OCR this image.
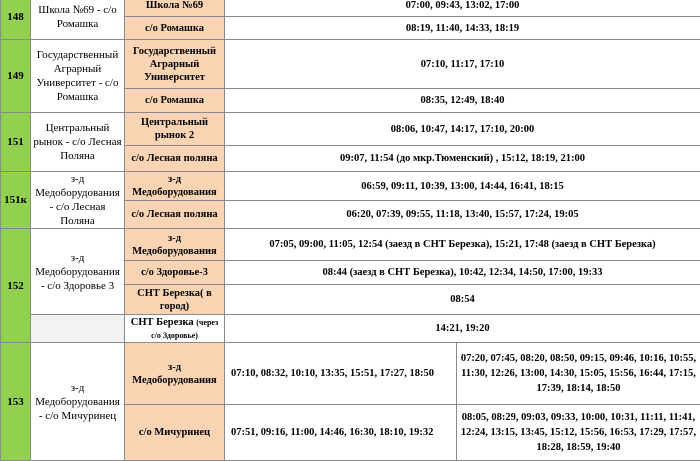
148	Школа №69 - с/о Ромашка	Школа №69	07:00, 09:43, 13:02, 17:00	
		с/о Ромашка	08:19, 11:40, 14:33, 18:19	
149	Государственный Аграрный Университет - с/о Ромашка	Государственный Аграрный Университет	07:10, 11:17, 17:10	
		с/о Ромашка	08:35, 12:49, 18:40	
151	Центральный рынок - с/о Лесная Поляна	Центральный рынок 2	08:06, 10:47, 14:17, 17:10, 20:00	
		с/о Лесная поляна	09:07, 11:54 (до мкр.Тюменский) , 15:12, 18:19, 21:00	
151к	з-д Медоборудования - с/о Лесная Поляна	з-д Медоборудования	06:59, 09:11, 10:39, 13:00, 14:44, 16:41, 18:15	
		с/о Лесная поляна	06:20, 07:39, 09:55, 11:18, 13:40, 15:57, 17:24, 19:05	
152	з-д Медоборудования - с/о Здоровье 3	з-д Медоборудования	07:05, 09:00, 11:05, 12:54 (заезд в СНТ Березка), 15:21, 17:48 (заезд в СНТ Березка)	
		с/о Здоровье-3	08:44 (заезд в СНТ Березка), 10:42, 12:34, 14:50, 17:00, 19:33	
		СНТ Березка( в город)	08:54	
		СНТ Березка (через с/о Здоровье)	14:21, 19:20	
153	з-д Медоборудования - с/о Мичуринец	з-д Медоборудования	07:10, 08:32, 10:10, 13:35, 15:51, 17:27, 18:50	07:20, 07:45, 08:20, 08:50, 09:15, 09:46, 10:16, 10:55, 11:30, 12:26, 13:00, 14:30, 15:05, 15:56, 16:44, 17:15, 17:39, 18:14, 18:50
		с/о Мичуринец	07:51, 09:16, 11:00, 14:46, 16:30, 18:10, 19:32	08:05, 08:29, 09:03, 09:33, 10:00, 10:31, 11:11, 11:41, 12:24, 13:15, 13:45, 15:12, 15:56, 16:53, 17:29, 17:57, 18:28, 18:59, 19:40
